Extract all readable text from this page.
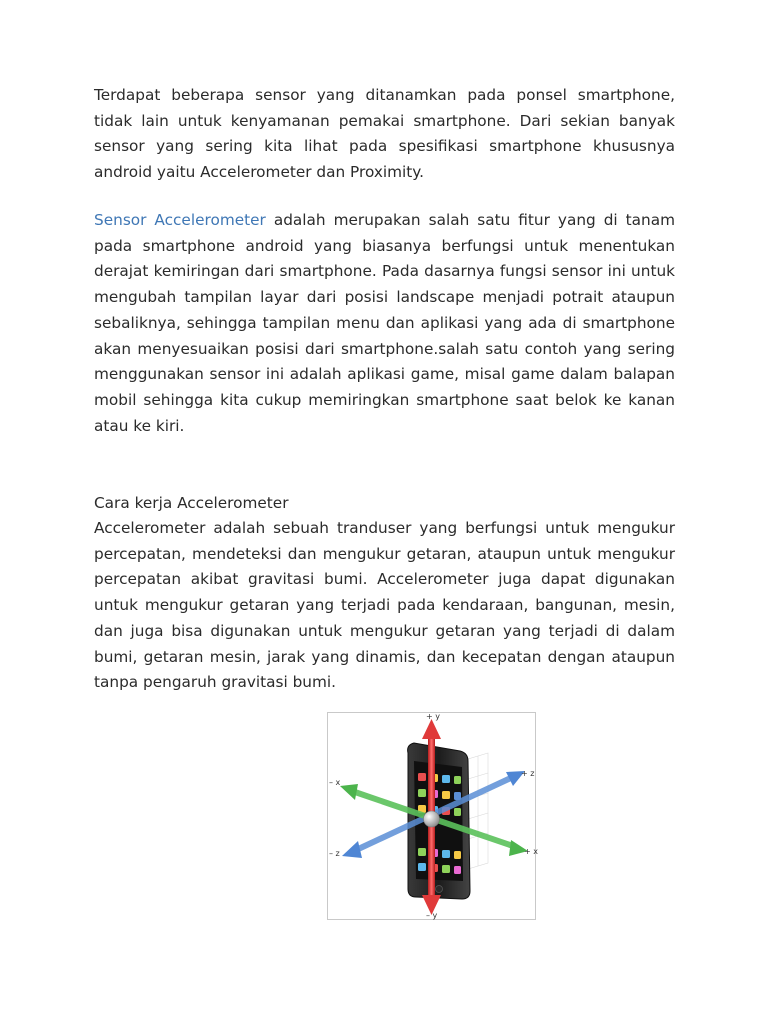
Terdapat beberapa sensor yang ditanamkan pada ponsel smartphone, tidak lain untuk kenyamanan pemakai smartphone. Dari sekian banyak sensor yang sering kita lihat pada spesifikasi smartphone khususnya android yaitu Accelerometer dan Proximity.

Sensor Accelerometer adalah merupakan salah satu fitur yang di tanam pada smartphone android yang biasanya berfungsi untuk menentukan derajat kemiringan dari smartphone. Pada dasarnya fungsi sensor ini untuk mengubah tampilan layar dari posisi landscape menjadi potrait ataupun sebaliknya, sehingga tampilan menu dan aplikasi yang ada di smartphone akan menyesuaikan posisi dari smartphone.salah satu contoh yang sering menggunakan sensor ini adalah aplikasi game, misal game dalam balapan mobil sehingga kita cukup memiringkan smartphone saat belok ke kanan atau ke kiri.

Cara kerja Accelerometer

Accelerometer adalah sebuah tranduser yang berfungsi untuk mengukur percepatan, mendeteksi dan mengukur getaran, ataupun untuk mengukur percepatan akibat gravitasi bumi. Accelerometer juga dapat digunakan untuk mengukur getaran yang terjadi pada kendaraan, bangunan, mesin, dan juga bisa digunakan untuk mengukur getaran yang terjadi di dalam bumi, getaran mesin, jarak yang dinamis, dan kecepatan dengan ataupun tanpa pengaruh gravitasi bumi.

+ y
– y
– x
+ x
– z
+ z
